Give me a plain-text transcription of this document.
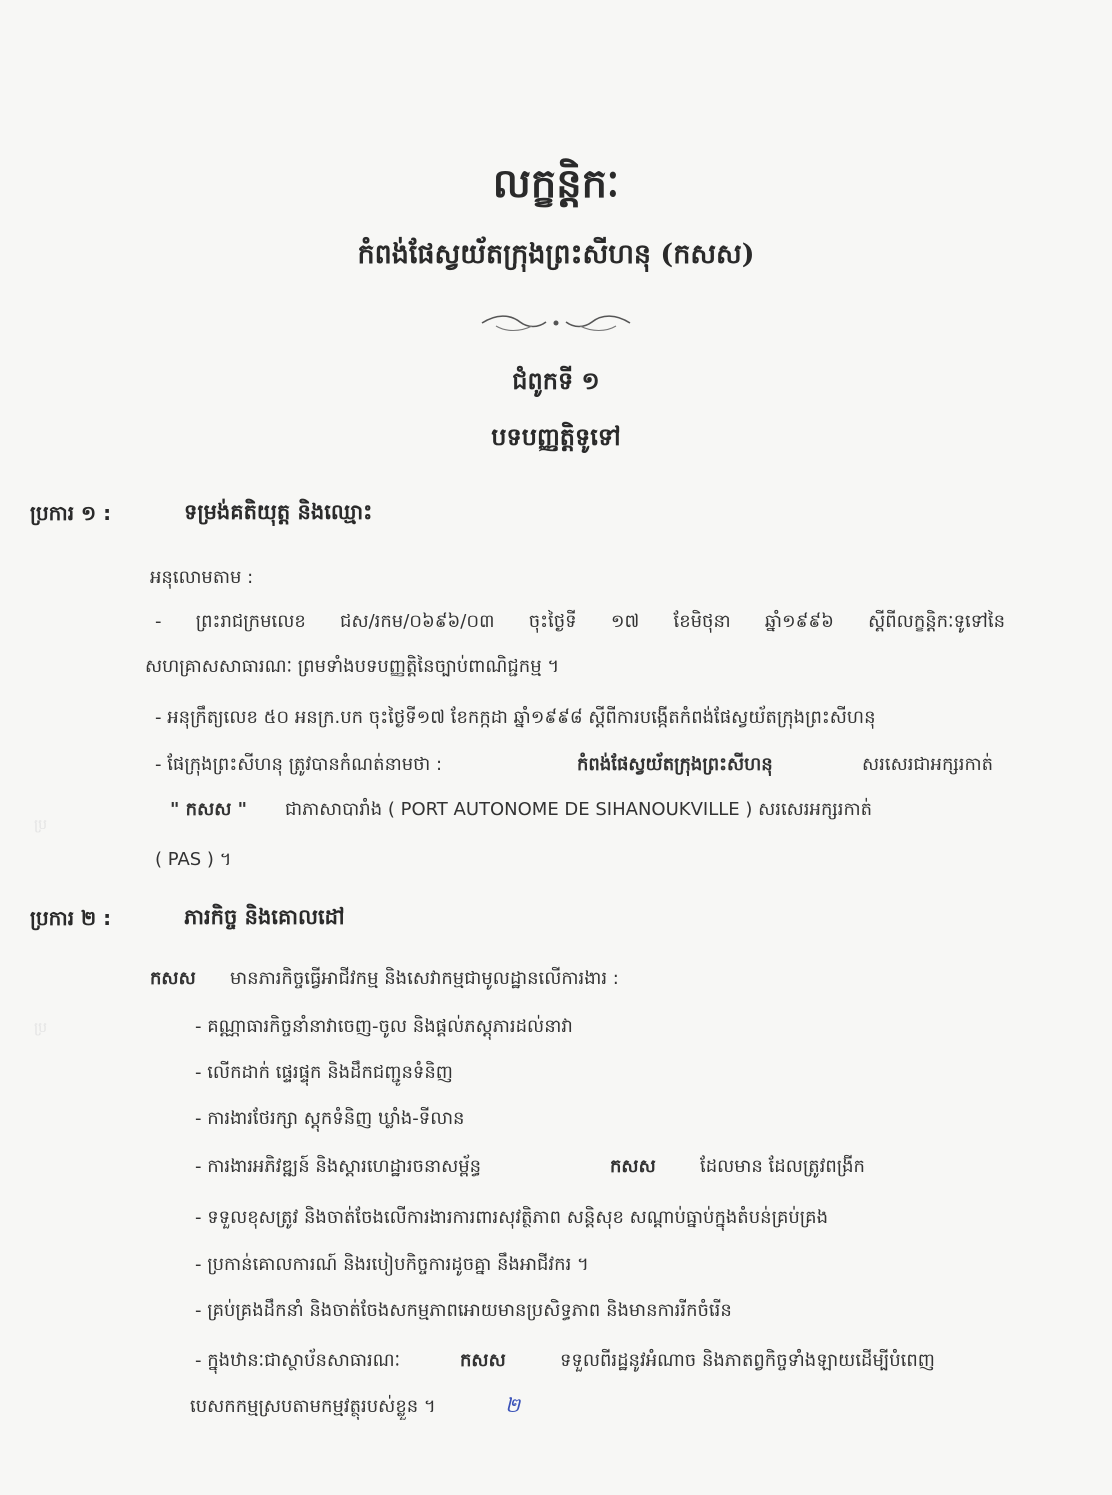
ប្រ
ប្រ
លក្ខន្តិកៈ
កំពង់ផែស្វយ័តក្រុងព្រះសីហនុ (កសស)
ជំពូកទី ១
បទបញ្ញត្តិទូទៅ
ប្រការ ១ :	ទម្រង់គតិយុត្ត និងឈ្មោះ
អនុលោមតាម :
- ព្រះរាជក្រមលេខ ជស/រកម/០៦៩៦/០៣ ចុះថ្ងៃទី ១៧ ខែមិថុនា ឆ្នាំ១៩៩៦ ស្តីពីលក្ខន្តិកៈទូទៅនៃ
សហគ្រាសសាធារណៈ ព្រមទាំងបទបញ្ញត្តិនៃច្បាប់ពាណិជ្ជកម្ម ។
- អនុក្រឹត្យលេខ ៥០ អនក្រ.បក ចុះថ្ងៃទី១៧ ខែកក្កដា ឆ្នាំ១៩៩៨ ស្តីពីការបង្កើតកំពង់ផែស្វយ័តក្រុងព្រះសីហនុ
- ផែក្រុងព្រះសីហនុ ត្រូវបានកំណត់នាមថា :	កំពង់ផែស្វយ័តក្រុងព្រះសីហនុ	សរសេរជាអក្សរកាត់
" កសស " ជាភាសាបារាំង ( PORT AUTONOME DE SIHANOUKVILLE ) សរសេរអក្សរកាត់
( PAS ) ។
ប្រការ ២ :	ភារកិច្ច និងគោលដៅ
កសស មានភារកិច្ចធ្វើអាជីវកម្ម និងសេវាកម្មជាមូលដ្ឋានលើការងារ :
- គណ្ណាធារកិច្ចនាំនាវាចេញ-ចូល និងផ្តល់ភស្តុភារដល់នាវា
- លើកដាក់ ផ្ទេរផ្ទុក និងដឹកជញ្ជូនទំនិញ
- ការងារថែរក្សា ស្តុកទំនិញ ឃ្លាំង-ទីលាន
- ការងារអភិវឌ្ឍន៍ និងស្តារហេដ្ឋារចនាសម្ព័ន្ធ	កសស ដែលមាន ដែលត្រូវពង្រីក
- ទទួលខុសត្រូវ និងចាត់ចែងលើការងារការពារសុវត្ថិភាព សន្តិសុខ សណ្តាប់ធ្នាប់ក្នុងតំបន់គ្រប់គ្រង
- ប្រកាន់គោលការណ៍ និងរបៀបកិច្ចការដូចគ្នា នឹងអាជីវករ ។
- គ្រប់គ្រងដឹកនាំ និងចាត់ចែងសកម្មភាពអោយមានប្រសិទ្ធភាព និងមានការរីកចំរើន
- ក្នុងឋានៈជាស្ថាប័នសាធារណៈ	កសស	ទទួលពីរដ្ឋនូវអំណាច និងភាតព្វកិច្ចទាំងឡាយដើម្បីបំពេញ
បេសកកម្មស្របតាមកម្មវត្ថុរបស់ខ្លួន ។	២
